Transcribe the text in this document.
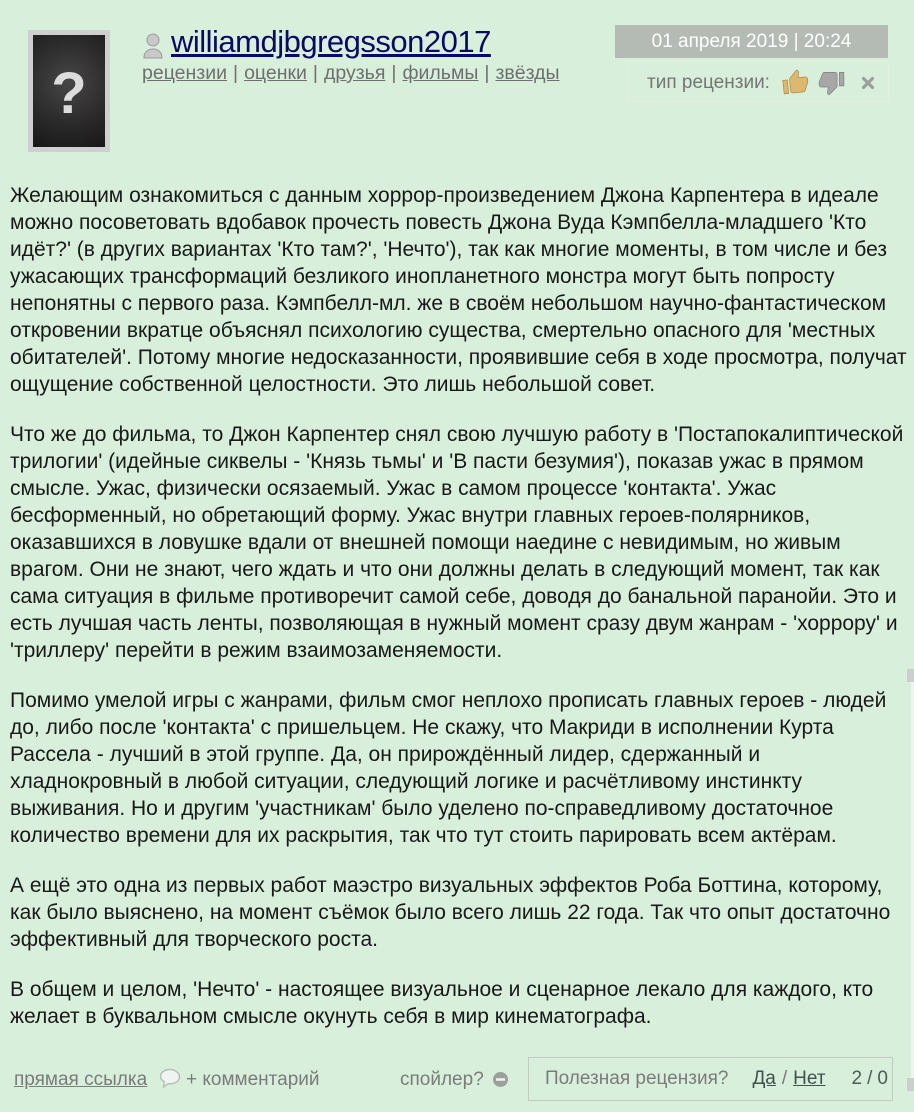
?
williamdjbgregsson2017
рецензии | оценки | друзья | фильмы | звёзды
01 апреля 2019 | 20:24
тип рецензии:

Желающим ознакомиться с данным хоррор-произведением Джона Карпентера в идеале можно посоветовать вдобавок прочесть повесть Джона Вуда Кэмпбелла-младшего 'Кто идёт?' (в других вариантах 'Кто там?', 'Нечто'), так как многие моменты, в том числе и без ужасающих трансформаций безликого инопланетного монстра могут быть попросту непонятны с первого раза. Кэмпбелл-мл. же в своём небольшом научно-фантастическом откровении вкратце объяснял психологию существа, смертельно опасного для 'местных обитателей'. Потому многие недосказанности, проявившие себя в ходе просмотра, получат ощущение собственной целостности. Это лишь небольшой совет.

Что же до фильма, то Джон Карпентер снял свою лучшую работу в 'Постапокалиптической трилогии' (идейные сиквелы - 'Князь тьмы' и 'В пасти безумия'), показав ужас в прямом смысле. Ужас, физически осязаемый. Ужас в самом процессе 'контакта'. Ужас бесформенный, но обретающий форму. Ужас внутри главных героев-полярников, оказавшихся в ловушке вдали от внешней помощи наедине с невидимым, но живым врагом. Они не знают, чего ждать и что они должны делать в следующий момент, так как сама ситуация в фильме противоречит самой себе, доводя до банальной паранойи. Это и есть лучшая часть ленты, позволяющая в нужный момент сразу двум жанрам - 'хоррору' и 'триллеру' перейти в режим взаимозаменяемости.

Помимо умелой игры с жанрами, фильм смог неплохо прописать главных героев - людей до, либо после 'контакта' с пришельцем. Не скажу, что Макриди в исполнении Курта Рассела - лучший в этой группе. Да, он прирождённый лидер, сдержанный и хладнокровный в любой ситуации, следующий логике и расчётливому инстинкту выживания. Но и другим 'участникам' было уделено по-справедливому достаточное количество времени для их раскрытия, так что тут стоить парировать всем актёрам.

А ещё это одна из первых работ маэстро визуальных эффектов Роба Боттина, которому, как было выяснено, на момент съёмок было всего лишь 22 года. Так что опыт достаточно эффективный для творческого роста.

В общем и целом, 'Нечто' - настоящее визуальное и сценарное лекало для каждого, кто желает в буквальном смысле окунуть себя в мир кинематографа.

прямая ссылка + комментарий	спойлер?	Полезная рецензия? Да / Нет 2 / 0
